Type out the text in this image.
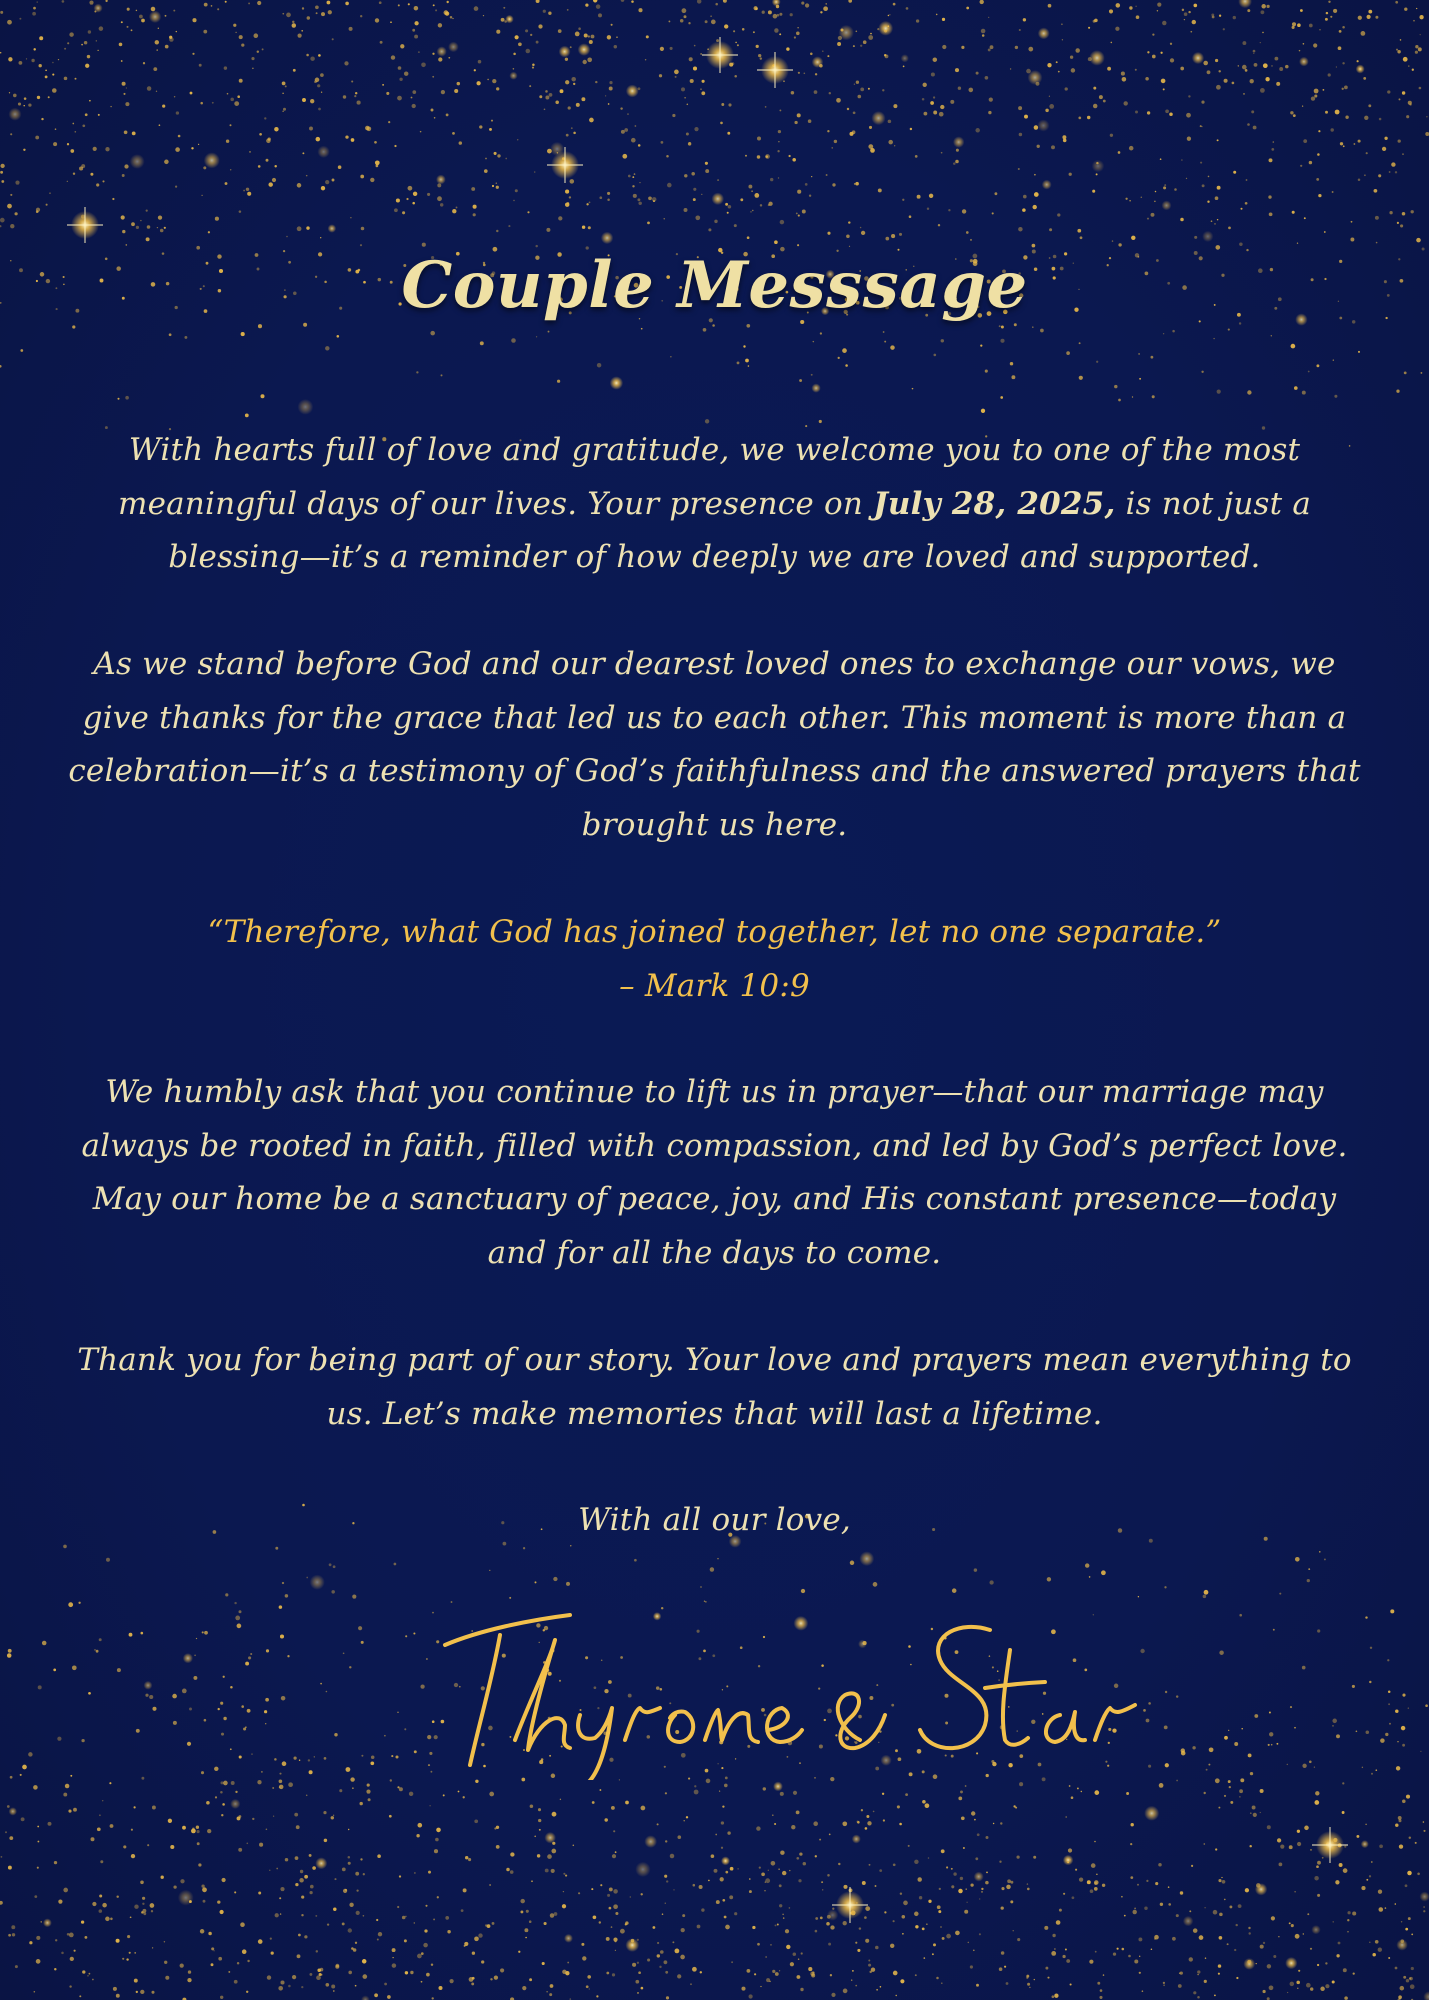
Couple Messsage

With hearts full of love and gratitude, we welcome you to one of the most meaningful days of our lives. Your presence on July 28, 2025, is not just a blessing—it’s a reminder of how deeply we are loved and supported.

As we stand before God and our dearest loved ones to exchange our vows, we give thanks for the grace that led us to each other. This moment is more than a celebration—it’s a testimony of God’s faithfulness and the answered prayers that brought us here.

“Therefore, what God has joined together, let no one separate.”
– Mark 10:9

We humbly ask that you continue to lift us in prayer—that our marriage may always be rooted in faith, filled with compassion, and led by God’s perfect love. May our home be a sanctuary of peace, joy, and His constant presence—today and for all the days to come.

Thank you for being part of our story. Your love and prayers mean everything to us. Let’s make memories that will last a lifetime.

With all our love,
